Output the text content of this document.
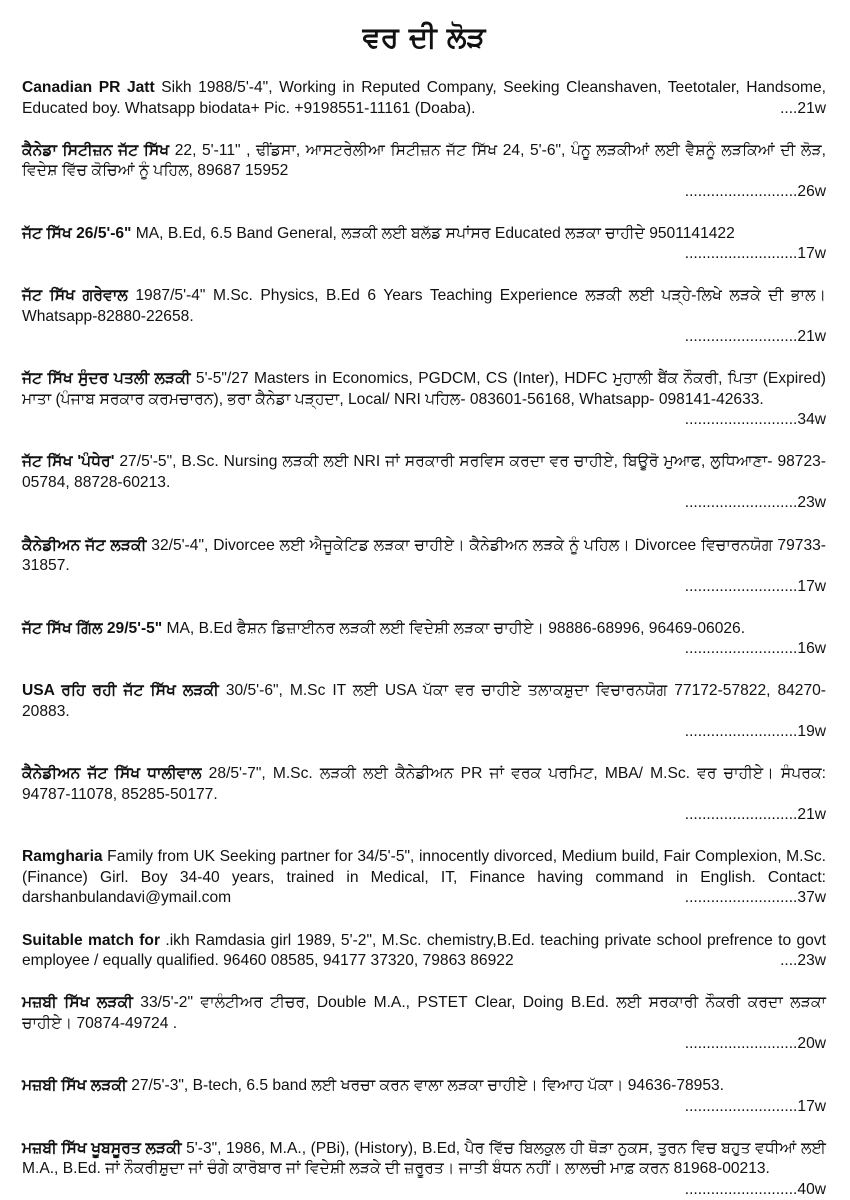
ਵਰ ਦੀ ਲੋੜ
Canadian PR Jatt Sikh 1988/5'-4", Working in Reputed Company, Seeking Cleanshaven, Teetotaler, Handsome, Educated boy. Whatsapp biodata+ Pic. +9198551-11161 (Doaba).	....21w
ਕੈਨੇਡਾ ਸਿਟੀਜ਼ਨ ਜੱਟ ਸਿੱਖ 22, 5'-11" , ਢੀਂਡਸਾ, ਆਸਟਰੇਲੀਆ ਸਿਟੀਜ਼ਨ ਜੱਟ ਸਿੱਖ 24, 5'-6", ਪੰਨੂ ਲੜਕੀਆਂ ਲਈ ਵੈਸ਼ਨੂੰ ਲੜਕਿਆਂ ਦੀ ਲੋੜ, ਵਿਦੇਸ਼ ਵਿੱਚ ਕੋਚਿਆਂ ਨੂੰ ਪਹਿਲ, 89687 15952
..........................26w
ਜੱਟ ਸਿੱਖ 26/5'-6" MA, B.Ed, 6.5 Band General, ਲੜਕੀ ਲਈ ਬਲੱਡ ਸਪਾਂਸਰ Educated ਲੜਕਾ ਚਾਹੀਦੇ 9501141422
..........................17w
ਜੱਟ ਸਿੱਖ ਗਰੇਵਾਲ 1987/5'-4" M.Sc. Physics, B.Ed 6 Years Teaching Experience ਲੜਕੀ ਲਈ ਪੜ੍ਹੇ-ਲਿਖੇ ਲੜਕੇ ਦੀ ਭਾਲ। Whatsapp-82880-22658.
..........................21w
ਜੱਟ ਸਿੱਖ ਸੁੰਦਰ ਪਤਲੀ ਲੜਕੀ 5'-5"/27 Masters in Economics, PGDCM, CS (Inter), HDFC ਮੁਹਾਲੀ ਬੈਂਕ ਨੌਕਰੀ, ਪਿਤਾ (Expired) ਮਾਤਾ (ਪੰਜਾਬ ਸਰਕਾਰ ਕਰਮਚਾਰਨ), ਭਰਾ ਕੈਨੇਡਾ ਪੜ੍ਹਦਾ, Local/ NRI ਪਹਿਲ- 083601-56168, Whatsapp- 098141-42633.
..........................34w
ਜੱਟ ਸਿੱਖ 'ਪੰਧੇਰ' 27/5'-5", B.Sc. Nursing ਲੜਕੀ ਲਈ NRI ਜਾਂ ਸਰਕਾਰੀ ਸਰਵਿਸ ਕਰਦਾ ਵਰ ਚਾਹੀਏ, ਬਿਊਰੋ ਮੁਆਫ, ਲੁਧਿਆਣਾ- 98723-05784, 88728-60213.
..........................23w
ਕੈਨੇਡੀਅਨ ਜੱਟ ਲੜਕੀ 32/5'-4", Divorcee ਲਈ ਐਜੂਕੇਟਿਡ ਲੜਕਾ ਚਾਹੀਏ। ਕੈਨੇਡੀਅਨ ਲੜਕੇ ਨੂੰ ਪਹਿਲ। Divorcee ਵਿਚਾਰਨਯੋਗ 79733-31857.
..........................17w
ਜੱਟ ਸਿੱਖ ਗਿੱਲ 29/5'-5" MA, B.Ed ਫੈਸ਼ਨ ਡਿਜ਼ਾਈਨਰ ਲੜਕੀ ਲਈ ਵਿਦੇਸ਼ੀ ਲੜਕਾ ਚਾਹੀਏ। 98886-68996, 96469-06026.
..........................16w
USA ਰਹਿ ਰਹੀ ਜੱਟ ਸਿੱਖ ਲੜਕੀ 30/5'-6", M.Sc IT ਲਈ USA ਪੱਕਾ ਵਰ ਚਾਹੀਏ ਤਲਾਕਸ਼ੁਦਾ ਵਿਚਾਰਨਯੋਗ 77172-57822, 84270-20883.
..........................19w
ਕੈਨੇਡੀਅਨ ਜੱਟ ਸਿੱਖ ਧਾਲੀਵਾਲ 28/5'-7", M.Sc. ਲੜਕੀ ਲਈ ਕੈਨੇਡੀਅਨ PR ਜਾਂ ਵਰਕ ਪਰਮਿਟ, MBA/ M.Sc. ਵਰ ਚਾਹੀਏ। ਸੰਪਰਕ: 94787-11078, 85285-50177.
..........................21w
Ramgharia Family from UK Seeking partner for 34/5'-5", innocently divorced, Medium build, Fair Complexion, M.Sc. (Finance) Girl. Boy 34-40 years, trained in Medical, IT, Finance having command in English. Contact: darshanbulandavi@ymail.com	..........................37w
Suitable match for .ikh Ramdasia girl 1989, 5'-2", M.Sc. chemistry,B.Ed. teaching private school prefrence to govt employee / equally qualified. 96460 08585, 94177 37320, 79863 86922	....23w
ਮਜ਼ਬੀ ਸਿੱਖ ਲੜਕੀ 33/5'-2" ਵਾਲੰਟੀਅਰ ਟੀਚਰ, Double M.A., PSTET Clear, Doing B.Ed. ਲਈ ਸਰਕਾਰੀ ਨੌਕਰੀ ਕਰਦਾ ਲੜਕਾ ਚਾਹੀਏ। 70874-49724 .
..........................20w
ਮਜ਼ਬੀ ਸਿੱਖ ਲੜਕੀ 27/5'-3", B-tech, 6.5 band ਲਈ ਖਰਚਾ ਕਰਨ ਵਾਲਾ ਲੜਕਾ ਚਾਹੀਏ। ਵਿਆਹ ਪੱਕਾ। 94636-78953.
..........................17w
ਮਜ਼ਬੀ ਸਿੱਖ ਖੂਬਸੂਰਤ ਲੜਕੀ 5'-3", 1986, M.A., (PBi), (History), B.Ed, ਪੈਰ ਵਿੱਚ ਬਿਲਕੁਲ ਹੀ ਥੋੜਾ ਨੁਕਸ, ਤੁਰਨ ਵਿਚ ਬਹੁਤ ਵਧੀਆਂ ਲਈ M.A., B.Ed. ਜਾਂ ਨੌਕਰੀਸ਼ੁਦਾ ਜਾਂ ਚੰਗੇ ਕਾਰੋਬਾਰ ਜਾਂ ਵਿਦੇਸ਼ੀ ਲੜਕੇ ਦੀ ਜ਼ਰੂਰਤ। ਜਾਤੀ ਬੰਧਨ ਨਹੀਂ। ਲਾਲਚੀ ਮਾਫ਼ ਕਰਨ 81968-00213.
..........................40w
